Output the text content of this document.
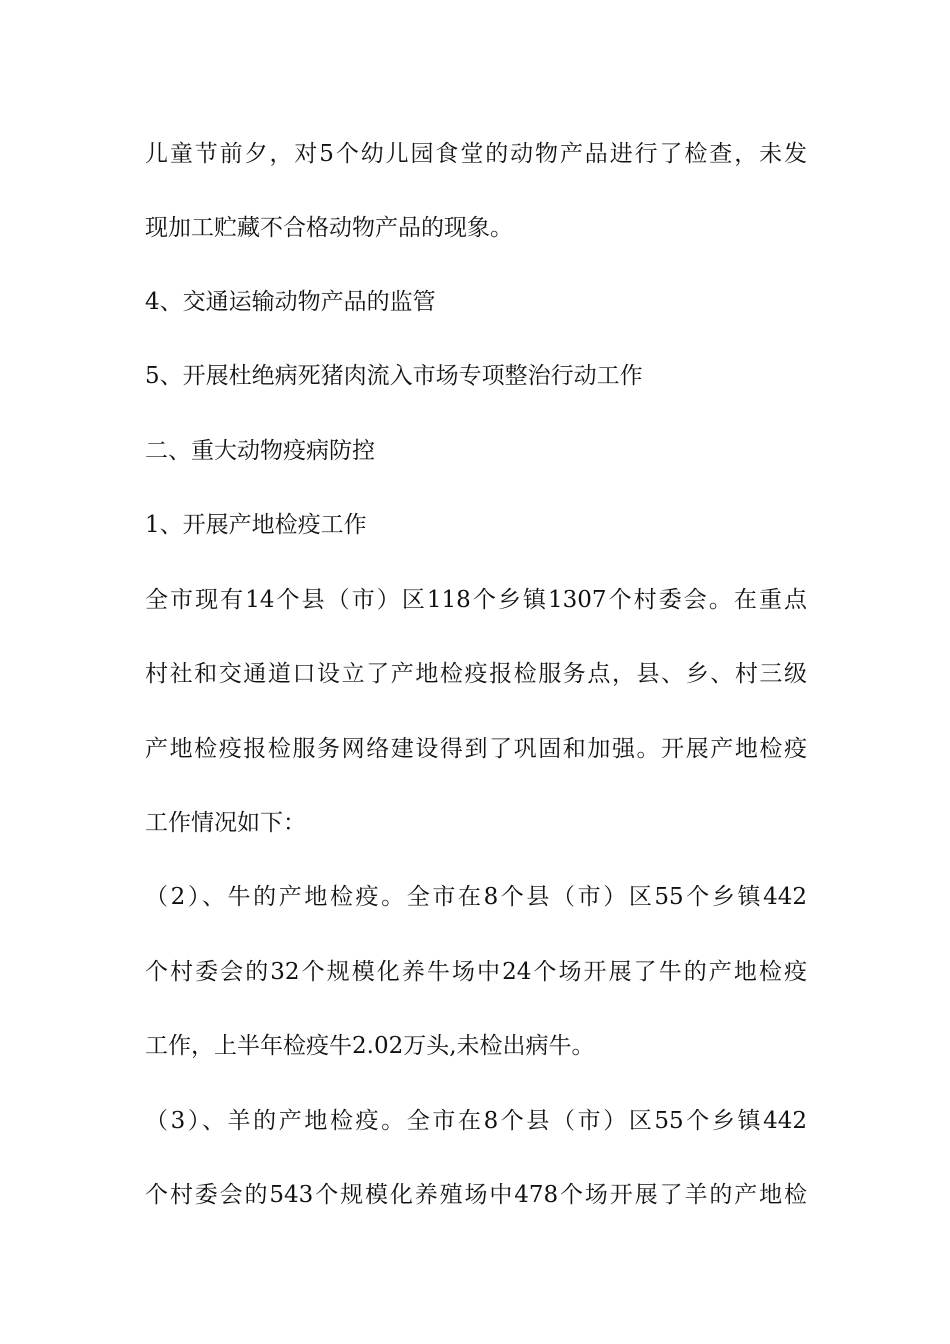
儿童节前夕，对5个幼儿园食堂的动物产品进行了检查，未发
现加工贮藏不合格动物产品的现象。
4、交通运输动物产品的监管
5、开展杜绝病死猪肉流入市场专项整治行动工作
二、重大动物疫病防控
1、开展产地检疫工作
全市现有14个县（市）区118个乡镇1307个村委会。在重点
村社和交通道口设立了产地检疫报检服务点，县、乡、村三级
产地检疫报检服务网络建设得到了巩固和加强。开展产地检疫
工作情况如下：
（2）、牛的产地检疫。全市在8个县（市）区55个乡镇442
个村委会的32个规模化养牛场中24个场开展了牛的产地检疫
工作，上半年检疫牛2.02万头,未检出病牛。
（3）、羊的产地检疫。全市在8个县（市）区55个乡镇442
个村委会的543个规模化养殖场中478个场开展了羊的产地检
